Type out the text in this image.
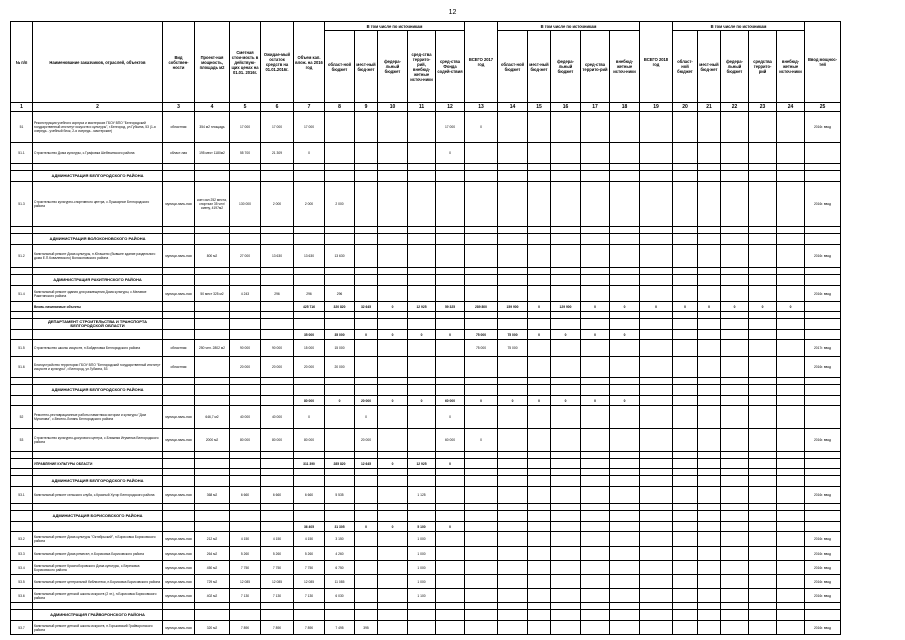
12
№ п/п	Наименование заказчиков, отраслей, объектов	Вид собствен-ности	Проект-ная мощность, площадь м2	Сметная стои-мость в действую-щих ценах на 01.01. 2016г.	Ожидае-мый остаток средств на 01.01.2016г.	Объем кап. влож. на 2016 год	В том числе по источникам					ВСЕГО 2017 год	В том числе по источникам					ВСЕГО 2018 год	В том числе по источникам					Ввод мощнос-тей
							област-ной бюджет	мест-ный бюд-жет	федера-льный бюджет	сред-ства террито-рий, внебюд-жетные источ-ники	сред-ства Фонда содей-ствия		област-ной бюджет	мест-ный бюд-жет	федера-льный бюджет	сред-ства террито-рий	внебюд-жетные источ-ники		област-ной бюджет	мест-ный бюд-жет	федера-льный бюджет	средства террито-рий	внебюд-жетные источ-ники	
1	2	3	4	5	6	7	8	9	10	11	12	13	14	15	16	17	18	19	20	21	22	23	24	25
51	Реконструкция учебного корпуса и мастерских ГБОУ ВПО "Белгородский государственный институт искусств и культуры", г.Белгород, ул.Губкина, 53 (1-я очередь - учебный блок, 2-я очередь - мастерские)	областная	354 м2 площадь	17 000	17 000	17 000					17 000	0												2016г. ввод
51.1	Строительство Дома культуры, с.Графовка Шебекинского района	област-ная	195 мест 1180м2	55 700	21 309	0					0													

	АДМИНИСТРАЦИЯ БЕЛГОРОДСКОГО РАЙОНА																							
51.3	Строительство культурно-спортивного центра, с.Пушкарное Белгородского района	муници-паль-ная	конт.зал 252 места, спортзал 35 чел/смену, 4197м2	130 000	2 000	2 000	2 000																	2016г. ввод

	АДМИНИСТРАЦИЯ ВОЛОКОНОВСКОГО РАЙОНА																							
51.2	Капитальный ремонт Дома культуры, п.Юташено (бывшее здание раздельного дома Е.П.Ковалевского) Волоконовского района	муници-паль-ная	800 м2	27 000	13 630	13 630	13 630																	2016г. ввод

	АДМИНИСТРАЦИЯ РАКИТЯНСКОГО РАЙОНА																							
51.4	Капитальный ремонт здания для размещения Дома культуры, с.Мелавое Ракитянского района	муници-паль-ная	50 мест 325 м2	4 243	296	296	296																	2016г. ввод
	Вновь начинаемые объекты					425 716	320 820	32 645	0	12 925	59 325	289 800	159 900	0	129 900	0	0	0	0	0	0	0	0	

	ДЕПАРТАМЕНТ СТРОИТЕЛЬСТВА И ТРАНСПОРТА БЕЛГОРОДСКОЙ ОБЛАСТИ																							
						35 000	35 000	0	0	0	0	75 000	75 000	0	0	0	0							
51.5	Строительство школы искусств, п.Бойделовка Белгородского района	областная	250 чел. 2802 м2	90 000	90 000	15 000	15 000					75 000	75 000											2017г. ввод
51.6	Благоустройство территории ГБОУ ВПО "Белгородский государственный институт искусств и культуры", г.Белгород, ул.Губкина, 53	областная		20 000	20 000	20 000	20 000																	2016г. ввод

	АДМИНИСТРАЦИЯ БЕЛГОРОДСКОГО РАЙОНА																							
						80 000	0	20 000	0	0	60 000	0	0	0	0	0	0							
52	Ремонтно-реставрационные работы памятника истории и культуры "Дом Муханова", с.Весело-Лопань Белгородского района	муници-паль-ная	646,7 м2	40 000	40 000	0		0			0													
53	Строительство культурно-досугового центра, с.Ближняя Игуменка Белгородского района	муници-паль-ная	2000 м2	80 000	80 000	80 000		20 000			60 000	0												2016г. ввод

	УПРАВЛЕНИЕ КУЛЬТУРЫ ОБЛАСТИ					311 390	285 820	12 645	0	12 925	0													

	АДМИНИСТРАЦИЯ БЕЛГОРОДСКОГО РАЙОНА																							
53.1	Капитальный ремонт сельского клуба, с.Красный Хутор Белгородского района	муници-паль-ная	368 м2	6 660	6 660	6 660	5 535			1 125														2016г. ввод

	АДМИНИСТРАЦИЯ БОРИСОВСКОГО РАЙОНА																							
						36 405	31 305	0	0	5 100	0													
53.2	Капитальный ремонт Дома культуры "Октябрьский", п.Борисовка Борисовского района	муници-паль-ная	212 м2	4 150	4 150	4 150	3 150			1 000														2016г. ввод
53.3	Капитальный ремонт Дома ремесел, п.Борисовка Борисовского района	муници-паль-ная	264 м2	5 260	5 260	5 260	4 260			1 000														2016г. ввод
53.4	Капитальный ремонт Красноборовского Дома культуры, с.Березовка Борисовского района	муници-паль-ная	450 м2	7 750	7 750	7 750	6 750			1 000														2016г. ввод
53.5	Капитальный ремонт центральной библиотеки, п.Борисовка Борисовского района	муници-паль-ная	729 м2	12 085	12 085	12 085	11 085			1 000														2016г. ввод
53.6	Капитальный ремонт детской школы искусств (2 эт.), п.Борисовка Борисовского района	муници-паль-ная	402 м2	7 130	7 130	7 130	6 030			1 100														2016г. ввод

	АДМИНИСТРАЦИЯ ГРАЙВОРОНСКОГО РАЙОНА																							
53.7	Капитальный ремонт детской школы искусств, п.Горьковский Грайворонского района	муници-паль-ная	320 м2	7 890	7 890	7 890	7 495	395																2016г. ввод
